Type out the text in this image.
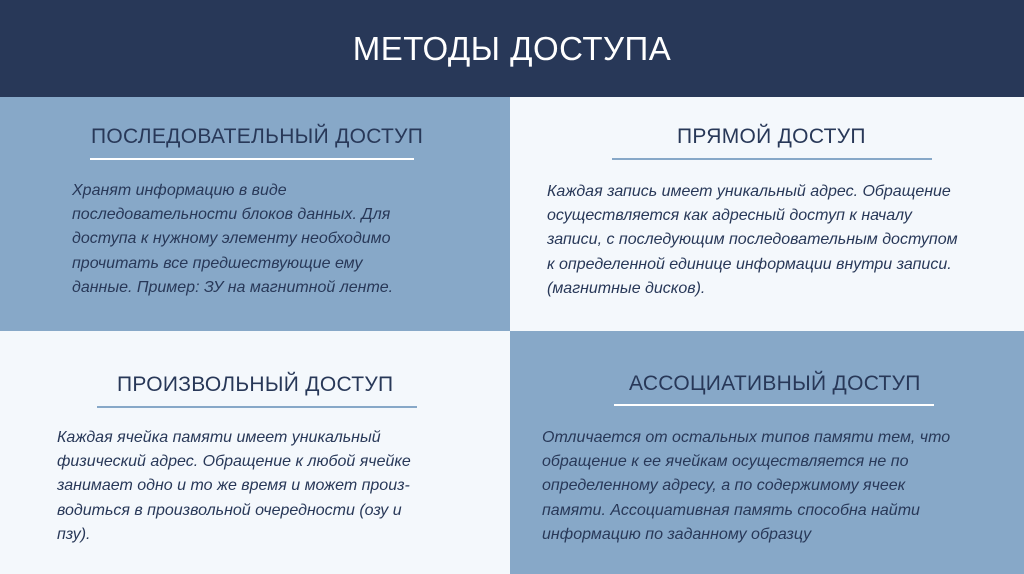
МЕТОДЫ ДОСТУПА
ПОСЛЕДОВАТЕЛЬНЫЙ ДОСТУП

Хранят информацию в виде
последовательности блоков данных. Для
доступа к нужному элементу необходимо
прочитать все предшествующие ему
данные. Пример: ЗУ на магнитной ленте.

ПРЯМОЙ ДОСТУП

Каждая запись имеет уникальный адрес. Обращение
осуществляется как адресный доступ к началу
записи, с последующим последовательным доступом
к определенной единице информации внутри записи.
(магнитные дисков).

ПРОИЗВОЛЬНЫЙ ДОСТУП

Каждая ячейка памяти имеет уникальный
физический адрес. Обращение к любой ячейке
занимает одно и то же время и может произ-
водиться в произвольной очередности (озу и
пзу).

АССОЦИАТИВНЫЙ ДОСТУП

Отличается от остальных типов памяти тем, что
обращение к ее ячейкам осуществляется не по
определенному адресу, а по содержимому ячеек
памяти. Ассоциативная память способна найти
информацию по заданному образцу
